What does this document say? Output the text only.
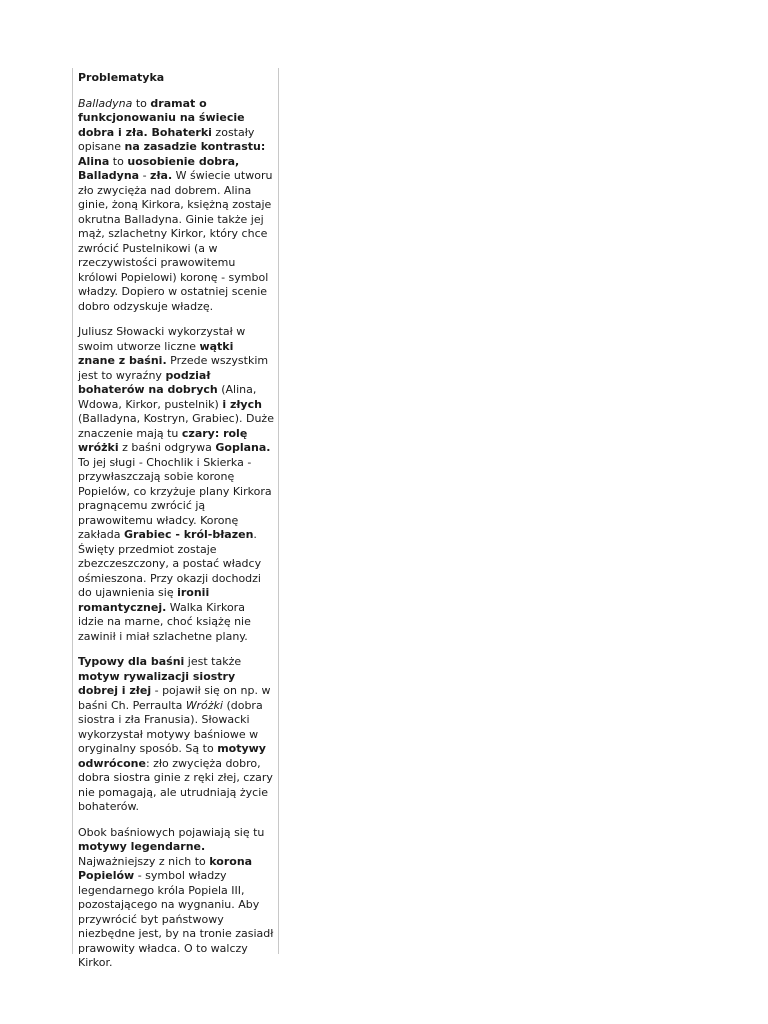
Problematyka

Balladyna to dramat o funkcjonowaniu na świecie dobra i zła. Bohaterki zostały opisane na zasadzie kontrastu: Alina to uosobienie dobra, Balladyna - zła. W świecie utworu zło zwycięża nad dobrem. Alina ginie, żoną Kirkora, księżną zostaje okrutna Balladyna. Ginie także jej mąż, szlachetny Kirkor, który chce zwrócić Pustelnikowi (a w rzeczywistości prawowitemu królowi Popielowi) koronę - symbol władzy. Dopiero w ostatniej scenie dobro odzyskuje władzę.

Juliusz Słowacki wykorzystał w swoim utworze liczne wątki znane z baśni. Przede wszystkim jest to wyraźny podział bohaterów na dobrych (Alina, Wdowa, Kirkor, pustelnik) i złych (Balladyna, Kostryn, Grabiec). Duże znaczenie mają tu czary: rolę wróżki z baśni odgrywa Goplana. To jej sługi - Chochlik i Skierka - przywłaszczają sobie koronę Popielów, co krzyżuje plany Kirkora pragnącemu zwrócić ją prawowitemu władcy. Koronę zakłada Grabiec - król-błazen. Święty przedmiot zostaje zbezczeszczony, a postać władcy ośmieszona. Przy okazji dochodzi do ujawnienia się ironii romantycznej. Walka Kirkora idzie na marne, choć książę nie zawinił i miał szlachetne plany.

Typowy dla baśni jest także motyw rywalizacji siostry dobrej i złej - pojawił się on np. w baśni Ch. Perraulta Wróżki (dobra siostra i zła Franusia). Słowacki wykorzystał motywy baśniowe w oryginalny sposób. Są to motywy odwrócone: zło zwycięża dobro, dobra siostra ginie z ręki złej, czary nie pomagają, ale utrudniają życie bohaterów.

Obok baśniowych pojawiają się tu motywy legendarne. Najważniejszy z nich to korona Popielów - symbol władzy legendarnego króla Popiela III, pozostającego na wygnaniu. Aby przywrócić byt państwowy niezbędne jest, by na tronie zasiadł prawowity władca. O to walczy Kirkor.
